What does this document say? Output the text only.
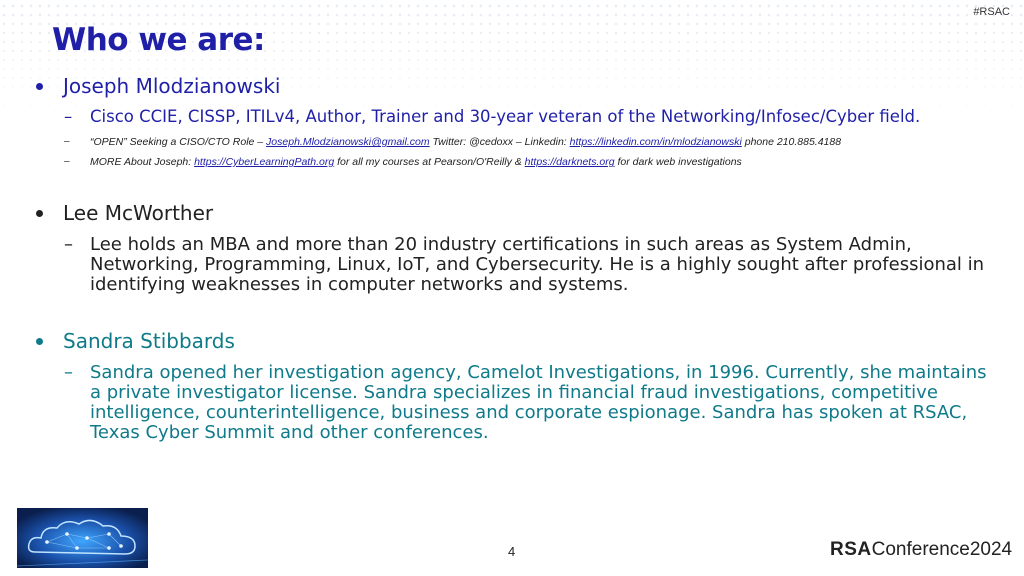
#RSAC
Who we are:
Joseph Mlodzianowski
– Cisco CCIE, CISSP, ITILv4, Author, Trainer and 30-year veteran of the Networking/Infosec/Cyber field.
– “OPEN” Seeking a CISO/CTO Role – Joseph.Mlodzianowski@gmail.com Twitter: @cedoxx – Linkedin: https://linkedin.com/in/mlodzianowski phone 210.885.4188
– MORE About Joseph: https://CyberLearningPath.org for all my courses at Pearson/O'Reilly & https://darknets.org for dark web investigations
Lee McWorther
– Lee holds an MBA and more than 20 industry certifications in such areas as System Admin, Networking, Programming, Linux, IoT, and Cybersecurity. He is a highly sought after professional in identifying weaknesses in computer networks and systems.
Sandra Stibbards
– Sandra opened her investigation agency, Camelot Investigations, in 1996. Currently, she maintains a private investigator license. Sandra specializes in financial fraud investigations, competitive intelligence, counterintelligence, business and corporate espionage. Sandra has spoken at RSAC, Texas Cyber Summit and other conferences.
4	RSAConference2024
